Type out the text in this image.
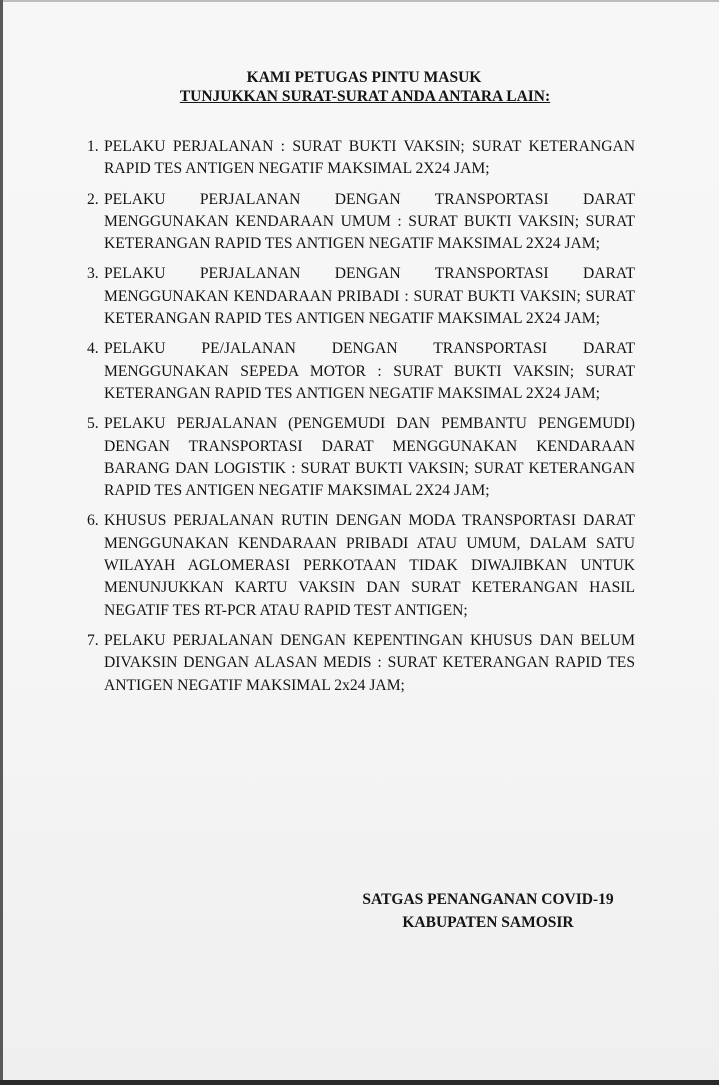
KAMI PETUGAS PINTU MASUK
TUNJUKKAN SURAT-SURAT ANDA ANTARA LAIN:
1. PELAKU PERJALANAN : SURAT BUKTI VAKSIN; SURAT KETERANGAN RAPID TES ANTIGEN NEGATIF MAKSIMAL 2X24 JAM;
2. PELAKU PERJALANAN DENGAN TRANSPORTASI DARAT MENGGUNAKAN KENDARAAN UMUM : SURAT BUKTI VAKSIN; SURAT KETERANGAN RAPID TES ANTIGEN NEGATIF MAKSIMAL 2X24 JAM;
3. PELAKU PERJALANAN DENGAN TRANSPORTASI DARAT MENGGUNAKAN KENDARAAN PRIBADI : SURAT BUKTI VAKSIN; SURAT KETERANGAN RAPID TES ANTIGEN NEGATIF MAKSIMAL 2X24 JAM;
4. PELAKU PE/JALANAN DENGAN TRANSPORTASI DARAT MENGGUNAKAN SEPEDA MOTOR : SURAT BUKTI VAKSIN; SURAT KETERANGAN RAPID TES ANTIGEN NEGATIF MAKSIMAL 2X24 JAM;
5. PELAKU PERJALANAN (PENGEMUDI DAN PEMBANTU PENGEMUDI) DENGAN TRANSPORTASI DARAT MENGGUNAKAN KENDARAAN BARANG DAN LOGISTIK : SURAT BUKTI VAKSIN; SURAT KETERANGAN RAPID TES ANTIGEN NEGATIF MAKSIMAL 2X24 JAM;
6. KHUSUS PERJALANAN RUTIN DENGAN MODA TRANSPORTASI DARAT MENGGUNAKAN KENDARAAN PRIBADI ATAU UMUM, DALAM SATU WILAYAH AGLOMERASI PERKOTAAN TIDAK DIWAJIBKAN UNTUK MENUNJUKKAN KARTU VAKSIN DAN SURAT KETERANGAN HASIL NEGATIF TES RT-PCR ATAU RAPID TEST ANTIGEN;
7. PELAKU PERJALANAN DENGAN KEPENTINGAN KHUSUS DAN BELUM DIVAKSIN DENGAN ALASAN MEDIS : SURAT KETERANGAN RAPID TES ANTIGEN NEGATIF MAKSIMAL 2x24 JAM;
SATGAS PENANGANAN COVID-19
KABUPATEN SAMOSIR
